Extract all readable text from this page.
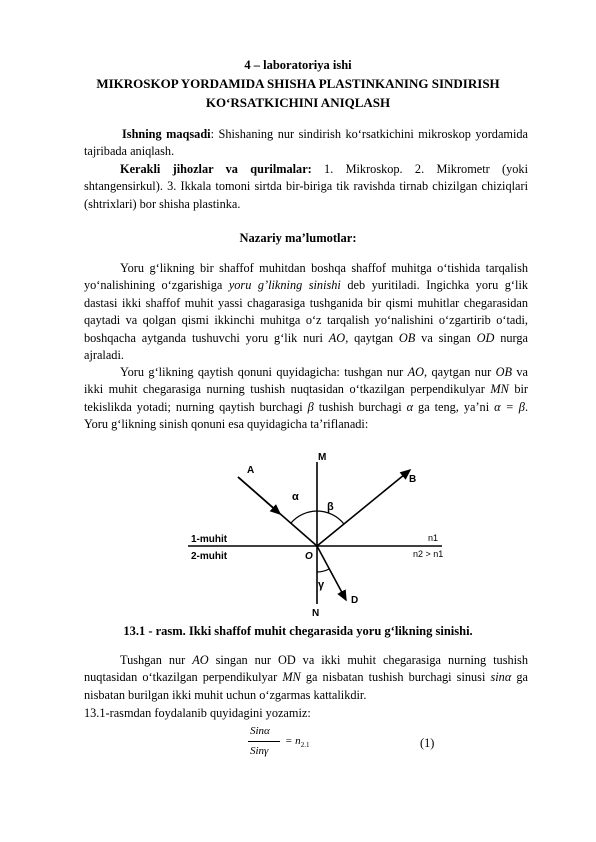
4 – laboratoriya ishi
MIKROSKOP YORDAMIDA SHISHA PLASTINKANING SINDIRISH
KO‘RSATKICHINI ANIQLASH
Ishning maqsadi: Shishaning nur sindirish ko‘rsatkichini mikroskop yordamida tajribada aniqlash.
Kerakli jihozlar va qurilmalar: 1. Mikroskop. 2. Mikrometr (yoki shtangensirkul). 3. Ikkala tomoni sirtda bir-biriga tik ravishda tirnab chizilgan chiziqlari (shtrixlari) bor shisha plastinka.
Nazariy ma’lumotlar:
Yoru g‘likning bir shaffof muhitdan boshqa shaffof muhitga o‘tishida tarqalish yo‘nalishining o‘zgarishiga yoru g’likning sinishi deb yuritiladi. Ingichka yoru g‘lik dastasi ikki shaffof muhit yassi chagarasiga tushganida bir qismi muhitlar chegarasidan qaytadi va qolgan qismi ikkinchi muhitga o‘z tarqalish yo‘nalishini o‘zgartirib o‘tadi, boshqacha aytganda tushuvchi yoru g‘lik nuri AO, qaytgan OB va singan OD nurga ajraladi.
Yoru g‘likning qaytish qonuni quyidagicha: tushgan nur AO, qaytgan nur OB va ikki muhit chegarasiga nurning tushish nuqtasidan o‘tkazilgan perpendikulyar MN bir tekislikda yotadi; nurning qaytish burchagi β tushish burchagi α ga teng, ya’ni α = β. Yoru g‘likning sinish qonuni esa quyidagicha ta’riflanadi:
M
N
A
B
D
O
α
β
γ
1-muhit
2-muhit
n1
n2 > n1
13.1 - rasm. Ikki shaffof muhit chegarasida yoru g‘likning sinishi.
Tushgan nur AO singan nur OD va ikki muhit chegarasiga nurning tushish nuqtasidan o‘tkazilgan perpendikulyar MN ga nisbatan tushish burchagi sinusi sinα ga nisbatan burilgan ikki muhit uchun o‘zgarmas kattalikdir.
13.1-rasmdan foydalanib quyidagini yozamiz:
Sinα
Sinγ
= $n_{2.1}$	(1)
